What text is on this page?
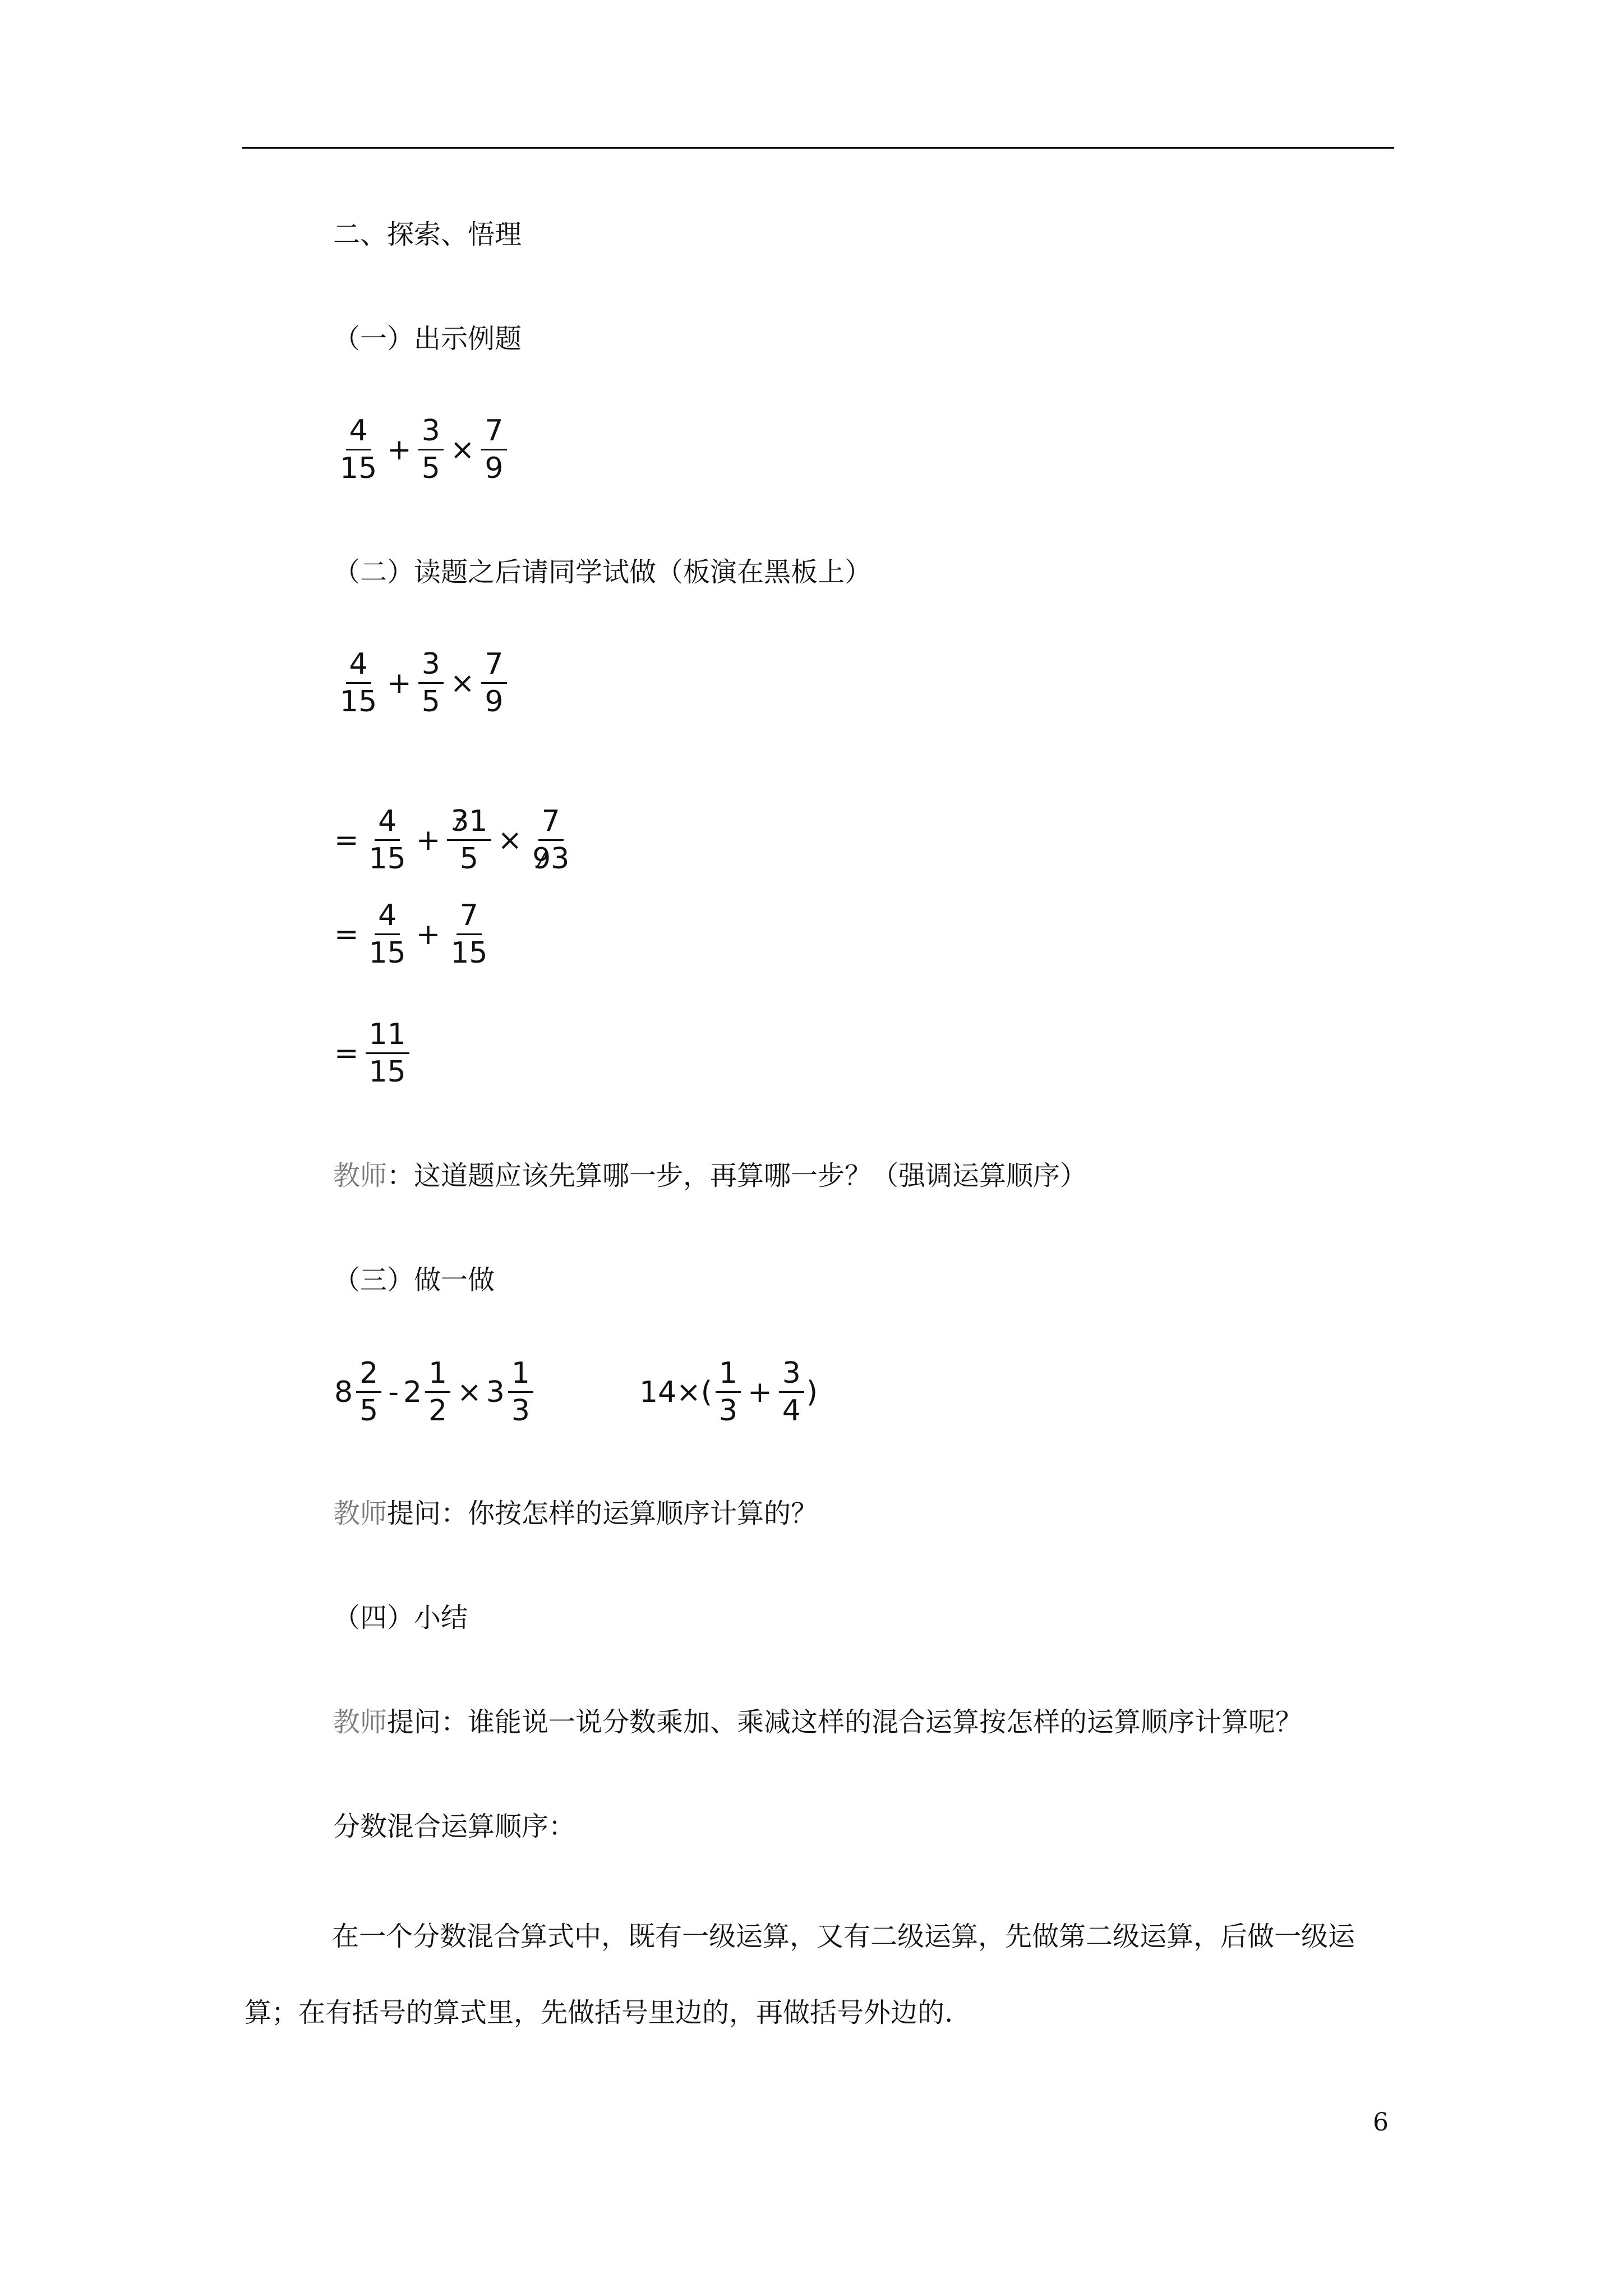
二、探索、悟理
（一）出示例题
$\frac{4}{15} + \frac{3}{5} \times \frac{7}{9}$
（二）读题之后请同学试做（板演在黑板上）
$\frac{4}{15} + \frac{3}{5} \times \frac{7}{9}$
= $\frac{4}{15} + \frac{31}{5} \times \frac{7}{93}$
= $\frac{4}{15} + \frac{7}{15}$
= $\frac{11}{15}$
教师：这道题应该先算哪一步，再算哪一步？（强调运算顺序）
（三）做一做
$8 \frac{2}{5} - 2 \frac{1}{2} \times 3 \frac{1}{3}$	$14\times( \frac{1}{3} + \frac{3}{4}$ )
教师提问：你按怎样的运算顺序计算的？
（四）小结
教师提问：谁能说一说分数乘加、乘减这样的混合运算按怎样的运算顺序计算呢？
分数混合运算顺序：
在一个分数混合算式中，既有一级运算，又有二级运算，先做第二级运算，后做一级运算；在有括号的算式里，先做括号里边的，再做括号外边的.
6
